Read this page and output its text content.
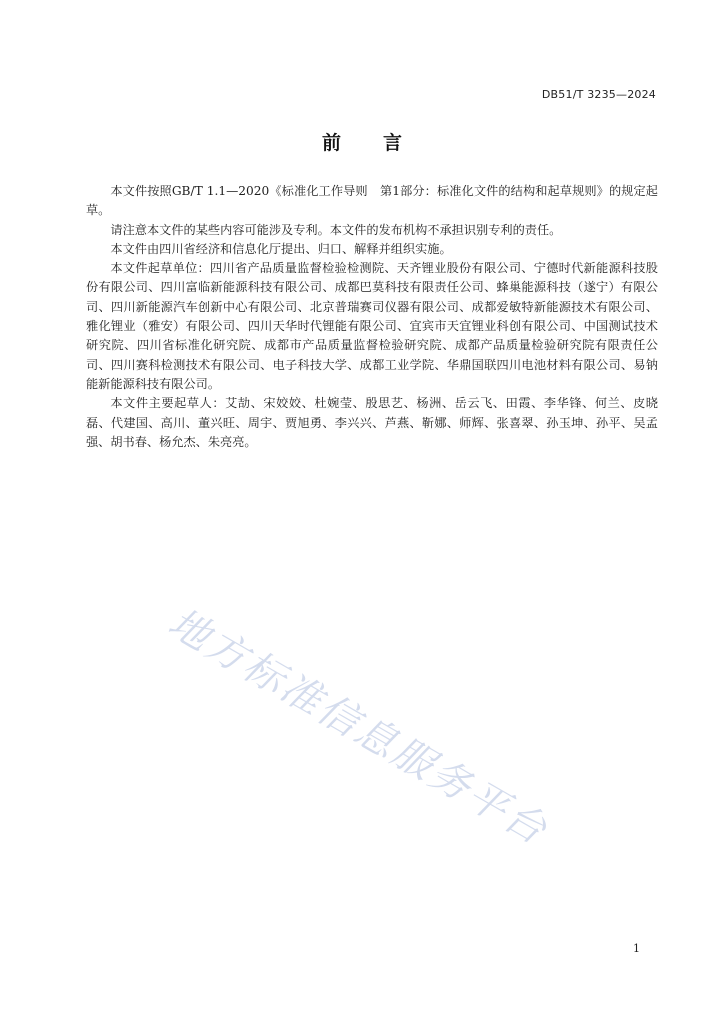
DB51/T 3235—2024
前 言

本文件按照GB/T 1.1—2020《标准化工作导则　第1部分：标准化文件的结构和起草规则》的规定起草。

请注意本文件的某些内容可能涉及专利。本文件的发布机构不承担识别专利的责任。

本文件由四川省经济和信息化厅提出、归口、解释并组织实施。

本文件起草单位：四川省产品质量监督检验检测院、天齐锂业股份有限公司、宁德时代新能源科技股份有限公司、四川富临新能源科技有限公司、成都巴莫科技有限责任公司、蜂巢能源科技（遂宁）有限公司、四川新能源汽车创新中心有限公司、北京普瑞赛司仪器有限公司、成都爱敏特新能源技术有限公司、雅化锂业（雅安）有限公司、四川天华时代锂能有限公司、宜宾市天宜锂业科创有限公司、中国测试技术研究院、四川省标准化研究院、成都市产品质量监督检验研究院、成都产品质量检验研究院有限责任公司、四川赛科检测技术有限公司、电子科技大学、成都工业学院、华鼎国联四川电池材料有限公司、易钠能新能源科技有限公司。

本文件主要起草人：艾劼、宋姣姣、杜婉莹、殷思艺、杨洲、岳云飞、田霞、李华锋、何兰、皮晓磊、代建国、高川、董兴旺、周宇、贾旭勇、李兴兴、芦燕、靳娜、师辉、张喜翠、孙玉坤、孙平、吴孟强、胡书春、杨允杰、朱亮亮。

地方标准信息服务平台
1
